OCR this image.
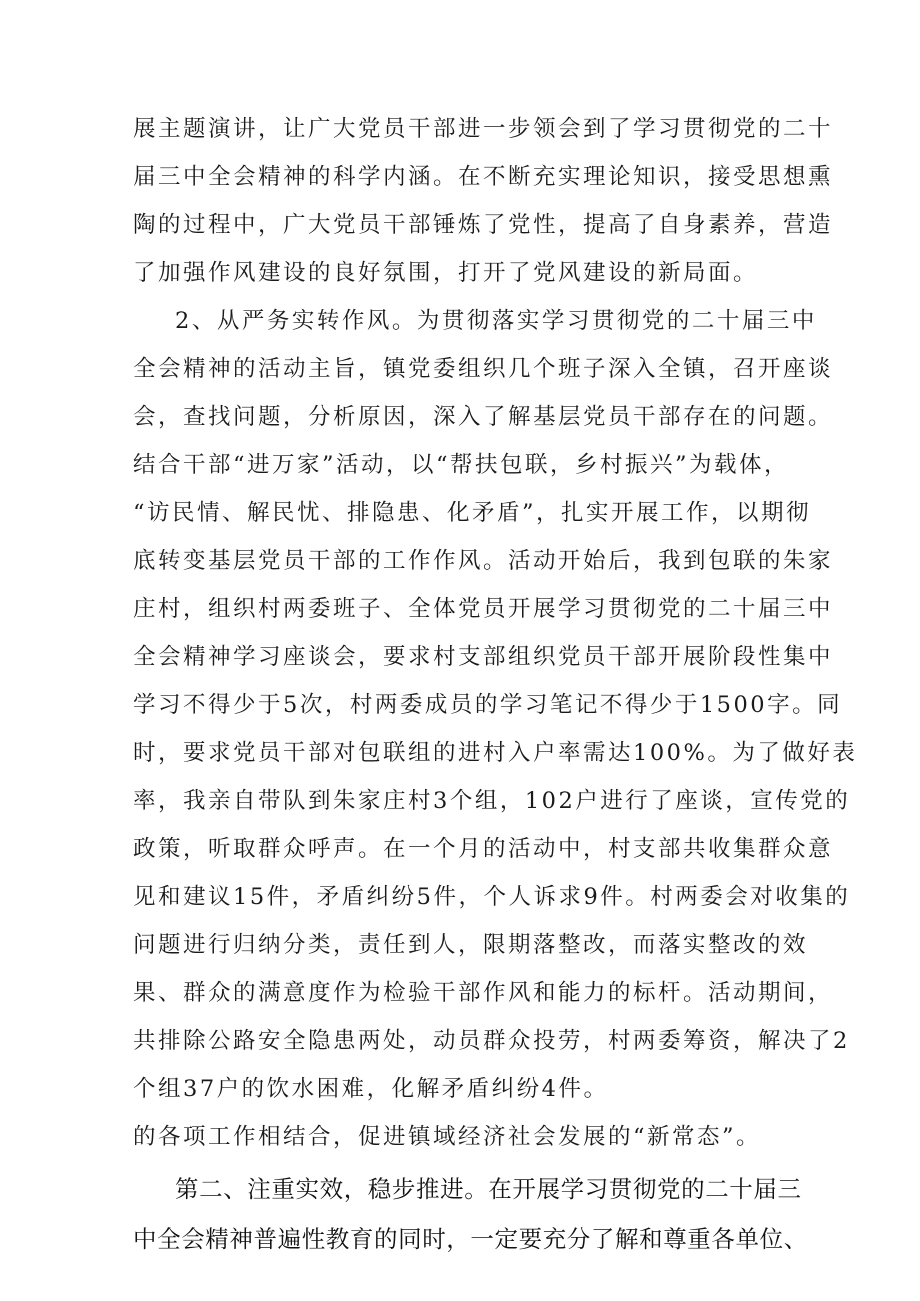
展主题演讲，让广大党员干部进一步领会到了学习贯彻党的二十
届三中全会精神的科学内涵。在不断充实理论知识，接受思想熏
陶的过程中，广大党员干部锤炼了党性，提高了自身素养，营造
了加强作风建设的良好氛围，打开了党风建设的新局面。
2、从严务实转作风。为贯彻落实学习贯彻党的二十届三中
全会精神的活动主旨，镇党委组织几个班子深入全镇，召开座谈
会，查找问题，分析原因，深入了解基层党员干部存在的问题。
结合干部“进万家”活动，以“帮扶包联，乡村振兴”为载体，
“访民情、解民忧、排隐患、化矛盾”，扎实开展工作，以期彻
底转变基层党员干部的工作作风。活动开始后，我到包联的朱家
庄村，组织村两委班子、全体党员开展学习贯彻党的二十届三中
全会精神学习座谈会，要求村支部组织党员干部开展阶段性集中
学习不得少于5次，村两委成员的学习笔记不得少于1500字。同
时，要求党员干部对包联组的进村入户率需达100%。为了做好表
率，我亲自带队到朱家庄村3个组，102户进行了座谈，宣传党的
政策，听取群众呼声。在一个月的活动中，村支部共收集群众意
见和建议15件，矛盾纠纷5件，个人诉求9件。村两委会对收集的
问题进行归纳分类，责任到人，限期落整改，而落实整改的效
果、群众的满意度作为检验干部作风和能力的标杆。活动期间，
共排除公路安全隐患两处，动员群众投劳，村两委筹资，解决了2
个组37户的饮水困难，化解矛盾纠纷4件。
的各项工作相结合，促进镇域经济社会发展的“新常态”。
第二、注重实效，稳步推进。在开展学习贯彻党的二十届三
中全会精神普遍性教育的同时，一定要充分了解和尊重各单位、
